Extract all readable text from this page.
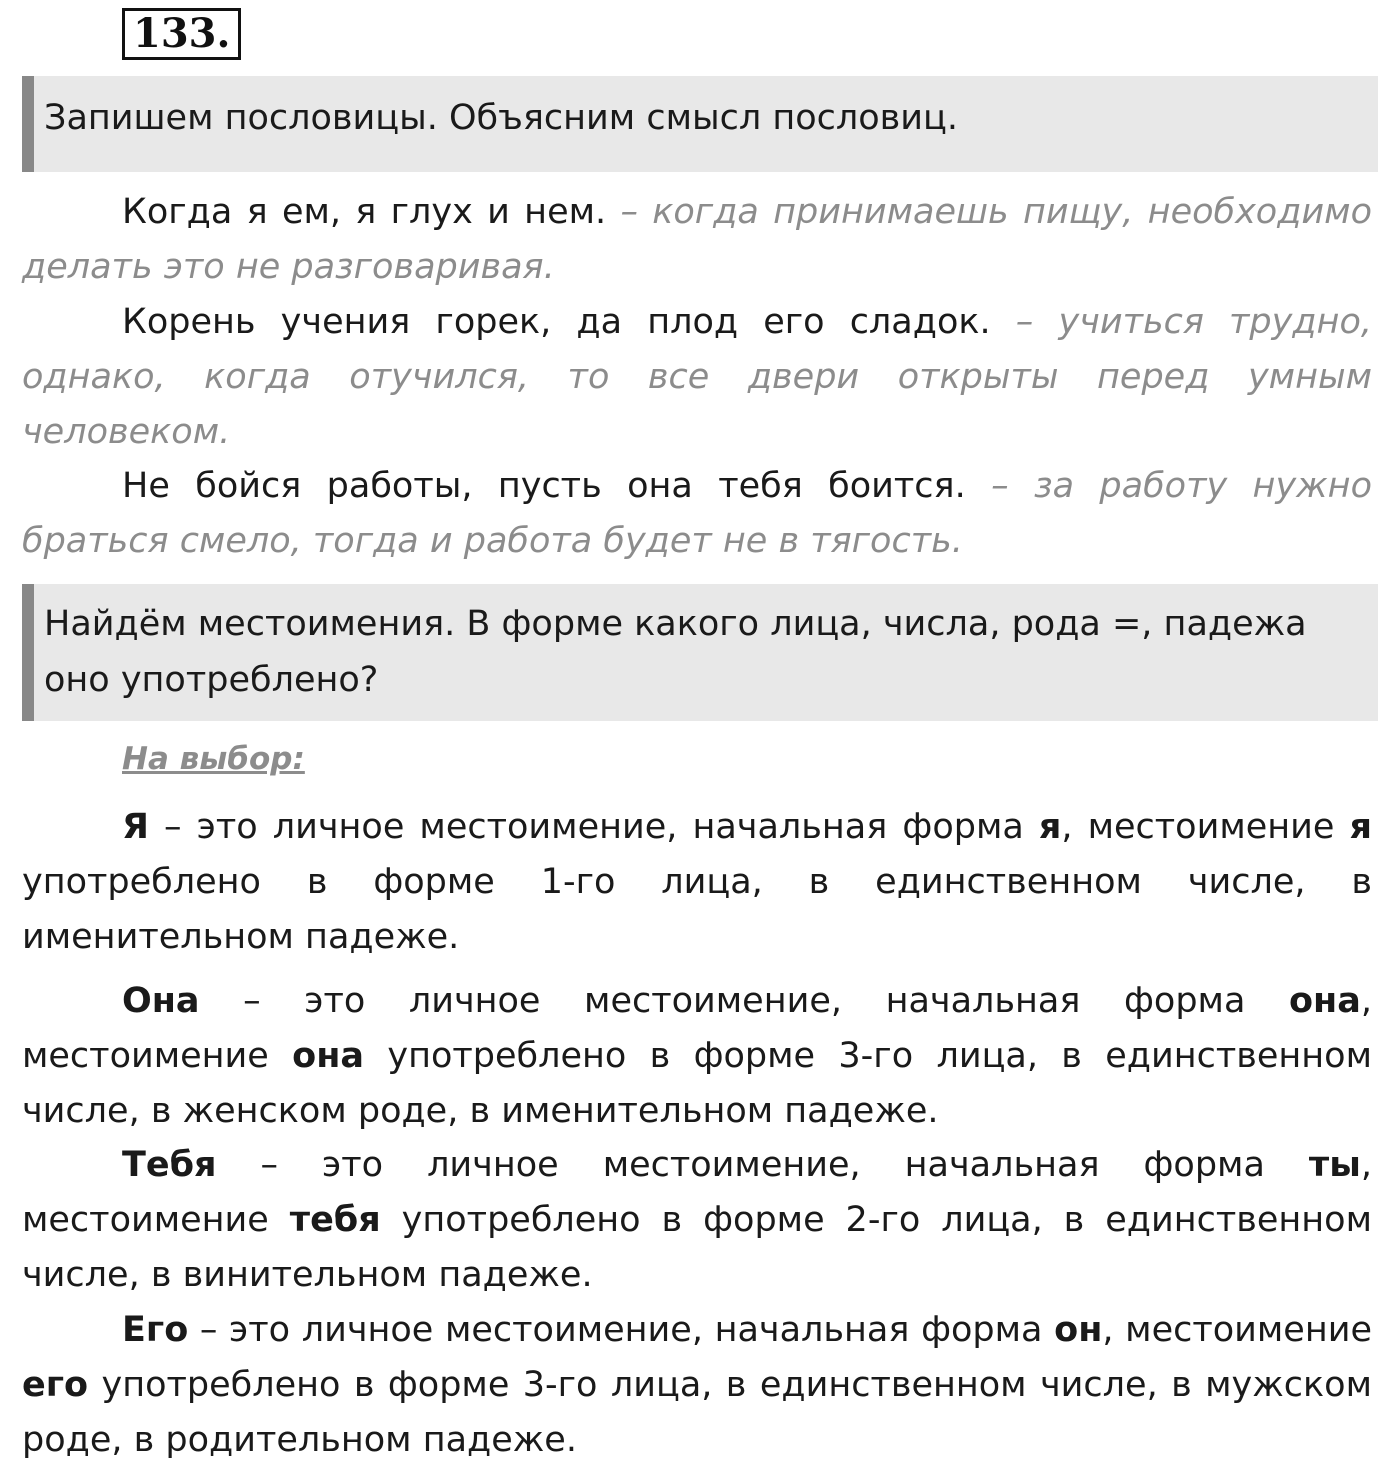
133.
Запишем пословицы. Объясним смысл пословиц.

Когда я ем, я глух и нем. – когда принимаешь пищу, необходимо делать это не разговаривая.

Корень учения горек, да плод его сладок. – учиться трудно, однако, когда отучился, то все двери открыты перед умным человеком.

Не бойся работы, пусть она тебя боится. – за работу нужно браться смело, тогда и работа будет не в тягость.

Найдём местоимения. В форме какого лица, числа, рода =, падежа оно употреблено?
На выбор:

Я – это личное местоимение, начальная форма я, местоимение я употреблено в форме 1-го лица, в единственном числе, в именительном падеже.

Она – это личное местоимение, начальная форма она, местоимение она употреблено в форме 3-го лица, в единственном числе, в женском роде, в именительном падеже.

Тебя – это личное местоимение, начальная форма ты, местоимение тебя употреблено в форме 2-го лица, в единственном числе, в винительном падеже.

Его – это личное местоимение, начальная форма он, местоимение его употреблено в форме 3-го лица, в единственном числе, в мужском роде, в родительном падеже.
